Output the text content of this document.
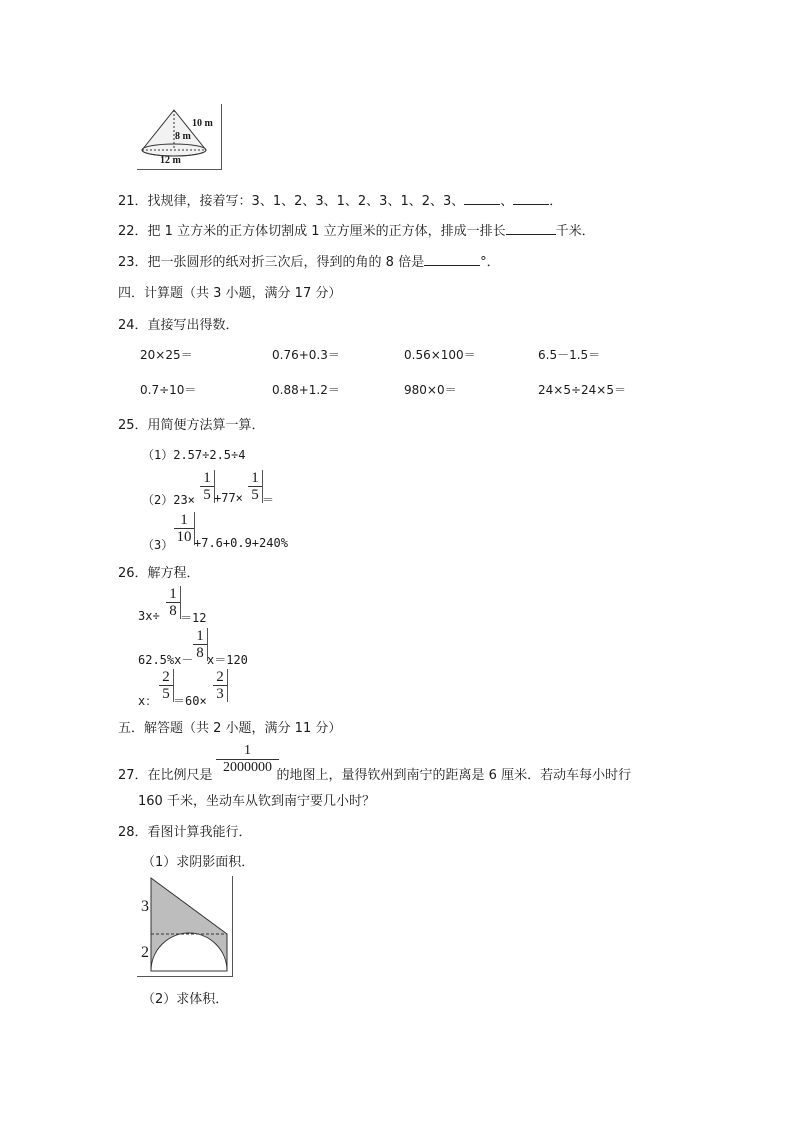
10 m
8 m
12 m
21．找规律，接着写：3、1、2、3、1、2、3、1、2、3、	、	．
22．把 1 立方米的正方体切割成 1 立方厘米的正方体，排成一排长	千米．
23．把一张圆形的纸对折三次后，得到的角的 8 倍是	°．
四．计算题（共 3 小题，满分 17 分）
24．直接写出得数．
20×25＝	0.76+0.3＝	0.56×100＝	6.5－1.5＝
0.7÷10＝	0.88+1.2＝	980×0＝	24×5÷24×5＝
25．用简便方法算一算．
（1）2.57÷2.5÷4
（2）23×
1
5 +77×
1
5 ＝
（3）
1
10 +7.6+0.9+240%
26．解方程．
3x÷
1
8 ＝12
62.5%x－
1
8 x＝120
x：
2
5 ＝60×
2
3
五．解答题（共 2 小题，满分 11 分）
27．在比例尺是	的地图上，量得钦州到南宁的距离是 6 厘米．若动车每小时行
1
2000000
160 千米，坐动车从钦到南宁要几小时？
28．看图计算我能行．
（1）求阴影面积．
3
2
（2）求体积．
